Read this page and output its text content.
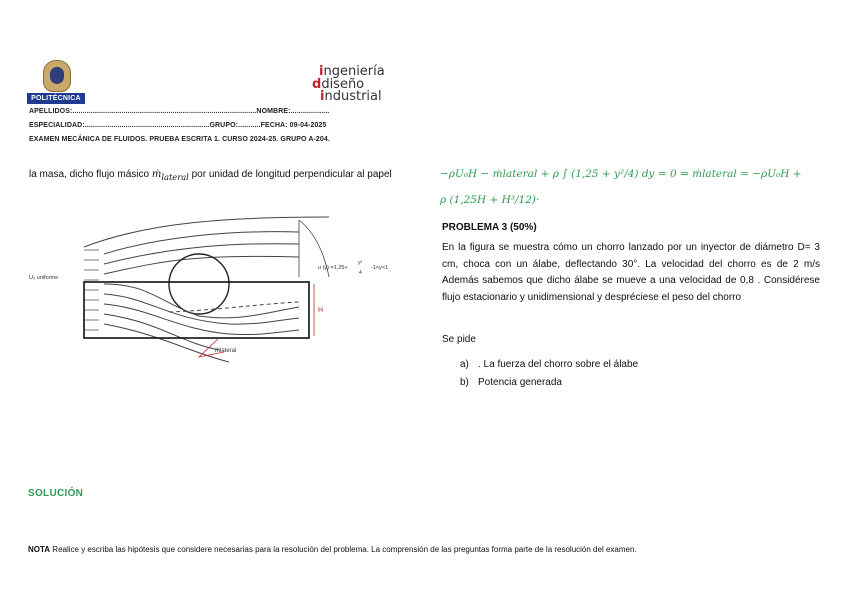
POLITÉCNICA
ingeniería
ddiseño
industrial
APELLIDOS:..........................................................................................NOMBRE:...................
ESPECIALIDAD:.............................................................GRUPO:...........FECHA: 09-04-2025
EXAMEN MECÁNICA DE FLUIDOS. PRUEBA ESCRITA 1. CURSO 2024-25. GRUPO A-204.
la masa, dicho flujo másico ṁ$_{lateral}$ por unidad de longitud perpendicular al papel
U₀ uniforme
u (y) =1,25+
y²
4
-1<y<1
H
ṁlateral
−ρU₀H − ṁlateral + ρ ∫ (1,25 + y²/4) dy = 0 ⇒ ṁlateral = −ρU₀H +
ρ (1,25H + H³/12)·
PROBLEMA 3 (50%)
En la figura se muestra cómo un chorro lanzado por un inyector de diámetro D= 3 cm, choca con un álabe, deflectando 30°. La velocidad del chorro es de 2 m/s Además sabemos que dicho álabe se mueve a una velocidad de 0,8 . Considérese flujo estacionario y unidimensional y despréciese el peso del chorro
Se pide
a) . La fuerza del chorro sobre el álabe
b) Potencia generada
SOLUCIÓN
NOTA Realice y escriba las hipótesis que considere necesarias para la resolución del problema. La comprensión de las preguntas forma parte de la resolución del examen.
